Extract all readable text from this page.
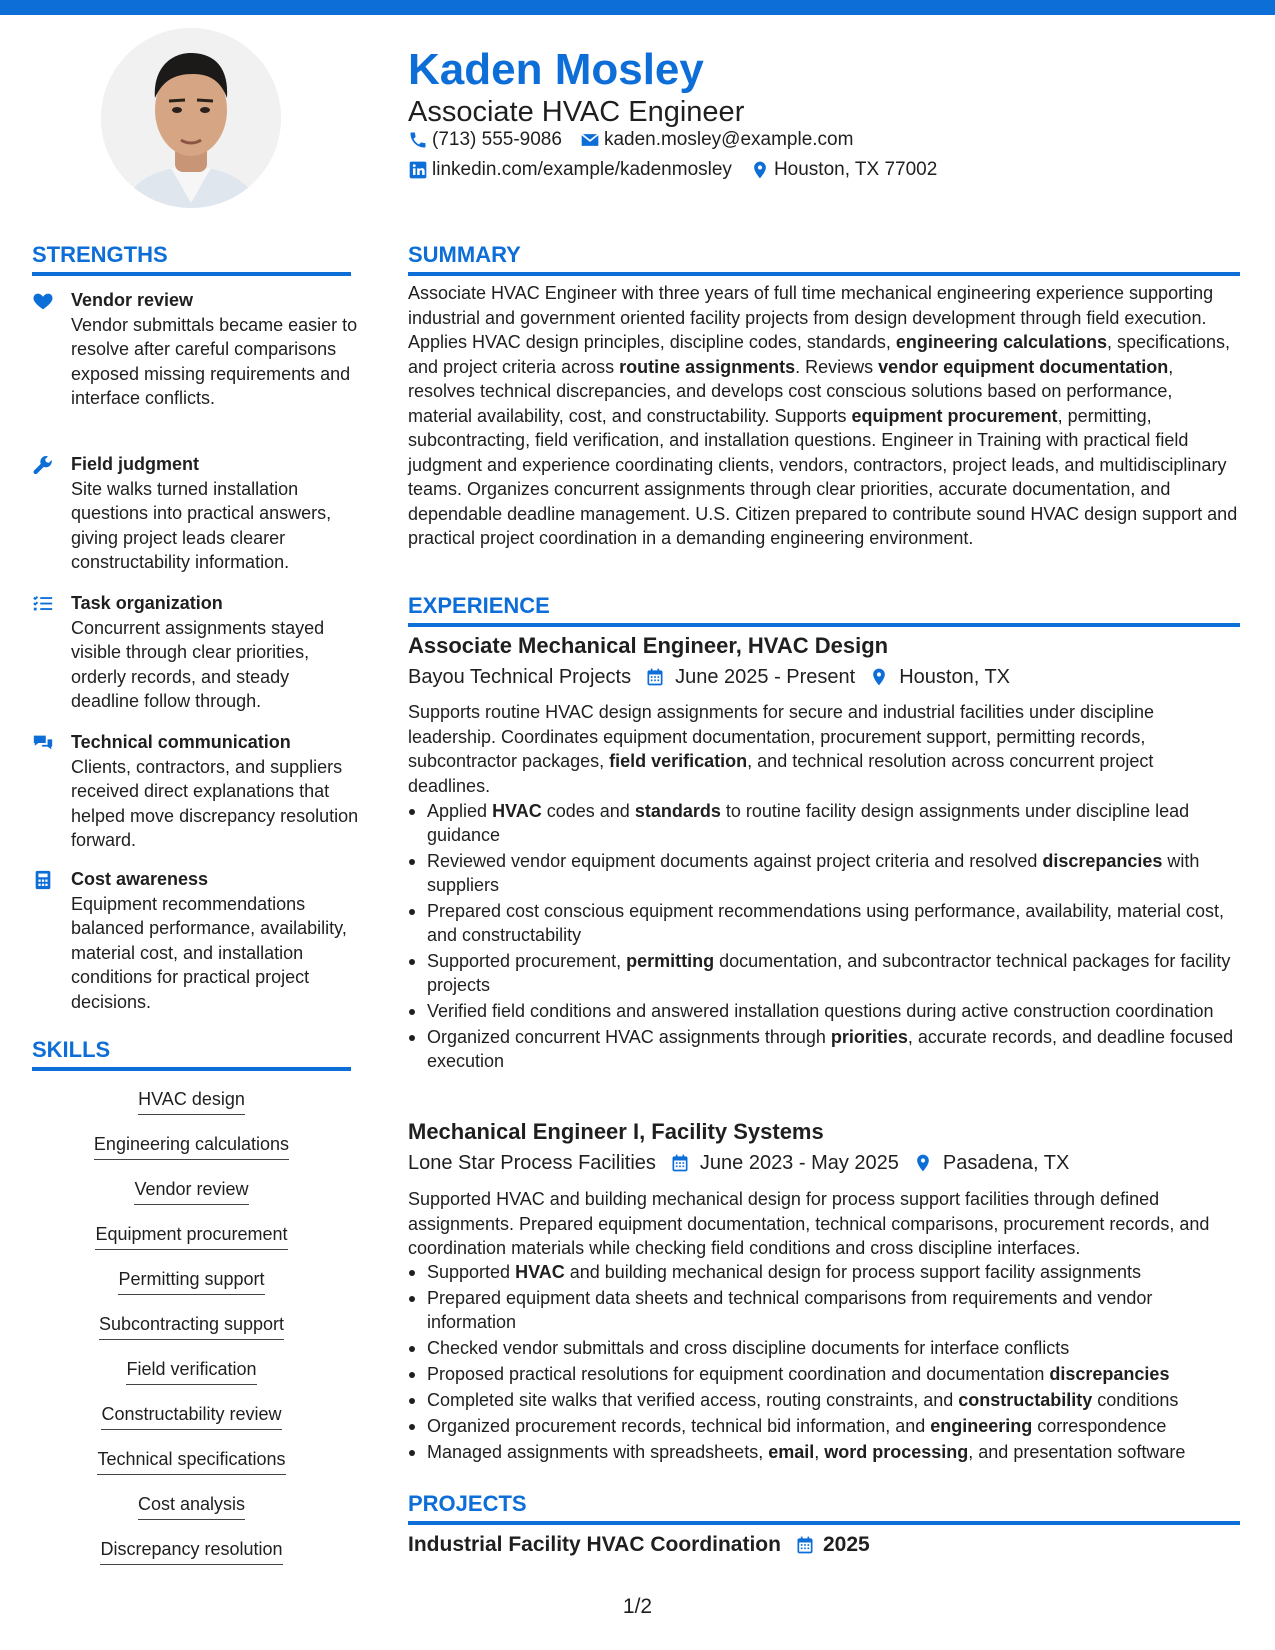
Kaden Mosley
Associate HVAC Engineer
(713) 555-9086 kaden.mosley@example.com
linkedin.com/example/kadenmosley Houston, TX 77002
STRENGTHS
Vendor review
Vendor submittals became easier to resolve after careful comparisons exposed missing requirements and interface conflicts.
Field judgment
Site walks turned installation questions into practical answers, giving project leads clearer constructability information.
Task organization
Concurrent assignments stayed visible through clear priorities, orderly records, and steady deadline follow through.
Technical communication
Clients, contractors, and suppliers received direct explanations that helped move discrepancy resolution forward.
Cost awareness
Equipment recommendations balanced performance, availability, material cost, and installation conditions for practical project decisions.
SKILLS
HVAC design
Engineering calculations
Vendor review
Equipment procurement
Permitting support
Subcontracting support
Field verification
Constructability review
Technical specifications
Cost analysis
Discrepancy resolution
SUMMARY
Associate HVAC Engineer with three years of full time mechanical engineering experience supporting industrial and government oriented facility projects from design development through field execution. Applies HVAC design principles, discipline codes, standards, engineering calculations, specifications, and project criteria across routine assignments. Reviews vendor equipment documentation, resolves technical discrepancies, and develops cost conscious solutions based on performance, material availability, cost, and constructability. Supports equipment procurement, permitting, subcontracting, field verification, and installation questions. Engineer in Training with practical field judgment and experience coordinating clients, vendors, contractors, project leads, and multidisciplinary teams. Organizes concurrent assignments through clear priorities, accurate documentation, and dependable deadline management. U.S. Citizen prepared to contribute sound HVAC design support and practical project coordination in a demanding engineering environment.
EXPERIENCE
Associate Mechanical Engineer, HVAC Design
Bayou Technical Projects June 2025 - Present Houston, TX
Supports routine HVAC design assignments for secure and industrial facilities under discipline leadership. Coordinates equipment documentation, procurement support, permitting records, subcontractor packages, field verification, and technical resolution across concurrent project deadlines.
Applied HVAC codes and standards to routine facility design assignments under discipline lead guidance
Reviewed vendor equipment documents against project criteria and resolved discrepancies with suppliers
Prepared cost conscious equipment recommendations using performance, availability, material cost, and constructability
Supported procurement, permitting documentation, and subcontractor technical packages for facility projects
Verified field conditions and answered installation questions during active construction coordination
Organized concurrent HVAC assignments through priorities, accurate records, and deadline focused execution
Mechanical Engineer I, Facility Systems
Lone Star Process Facilities June 2023 - May 2025 Pasadena, TX
Supported HVAC and building mechanical design for process support facilities through defined assignments. Prepared equipment documentation, technical comparisons, procurement records, and coordination materials while checking field conditions and cross discipline interfaces.
Supported HVAC and building mechanical design for process support facility assignments
Prepared equipment data sheets and technical comparisons from requirements and vendor information
Checked vendor submittals and cross discipline documents for interface conflicts
Proposed practical resolutions for equipment coordination and documentation discrepancies
Completed site walks that verified access, routing constraints, and constructability conditions
Organized procurement records, technical bid information, and engineering correspondence
Managed assignments with spreadsheets, email, word processing, and presentation software
PROJECTS
Industrial Facility HVAC Coordination 2025
1/2
